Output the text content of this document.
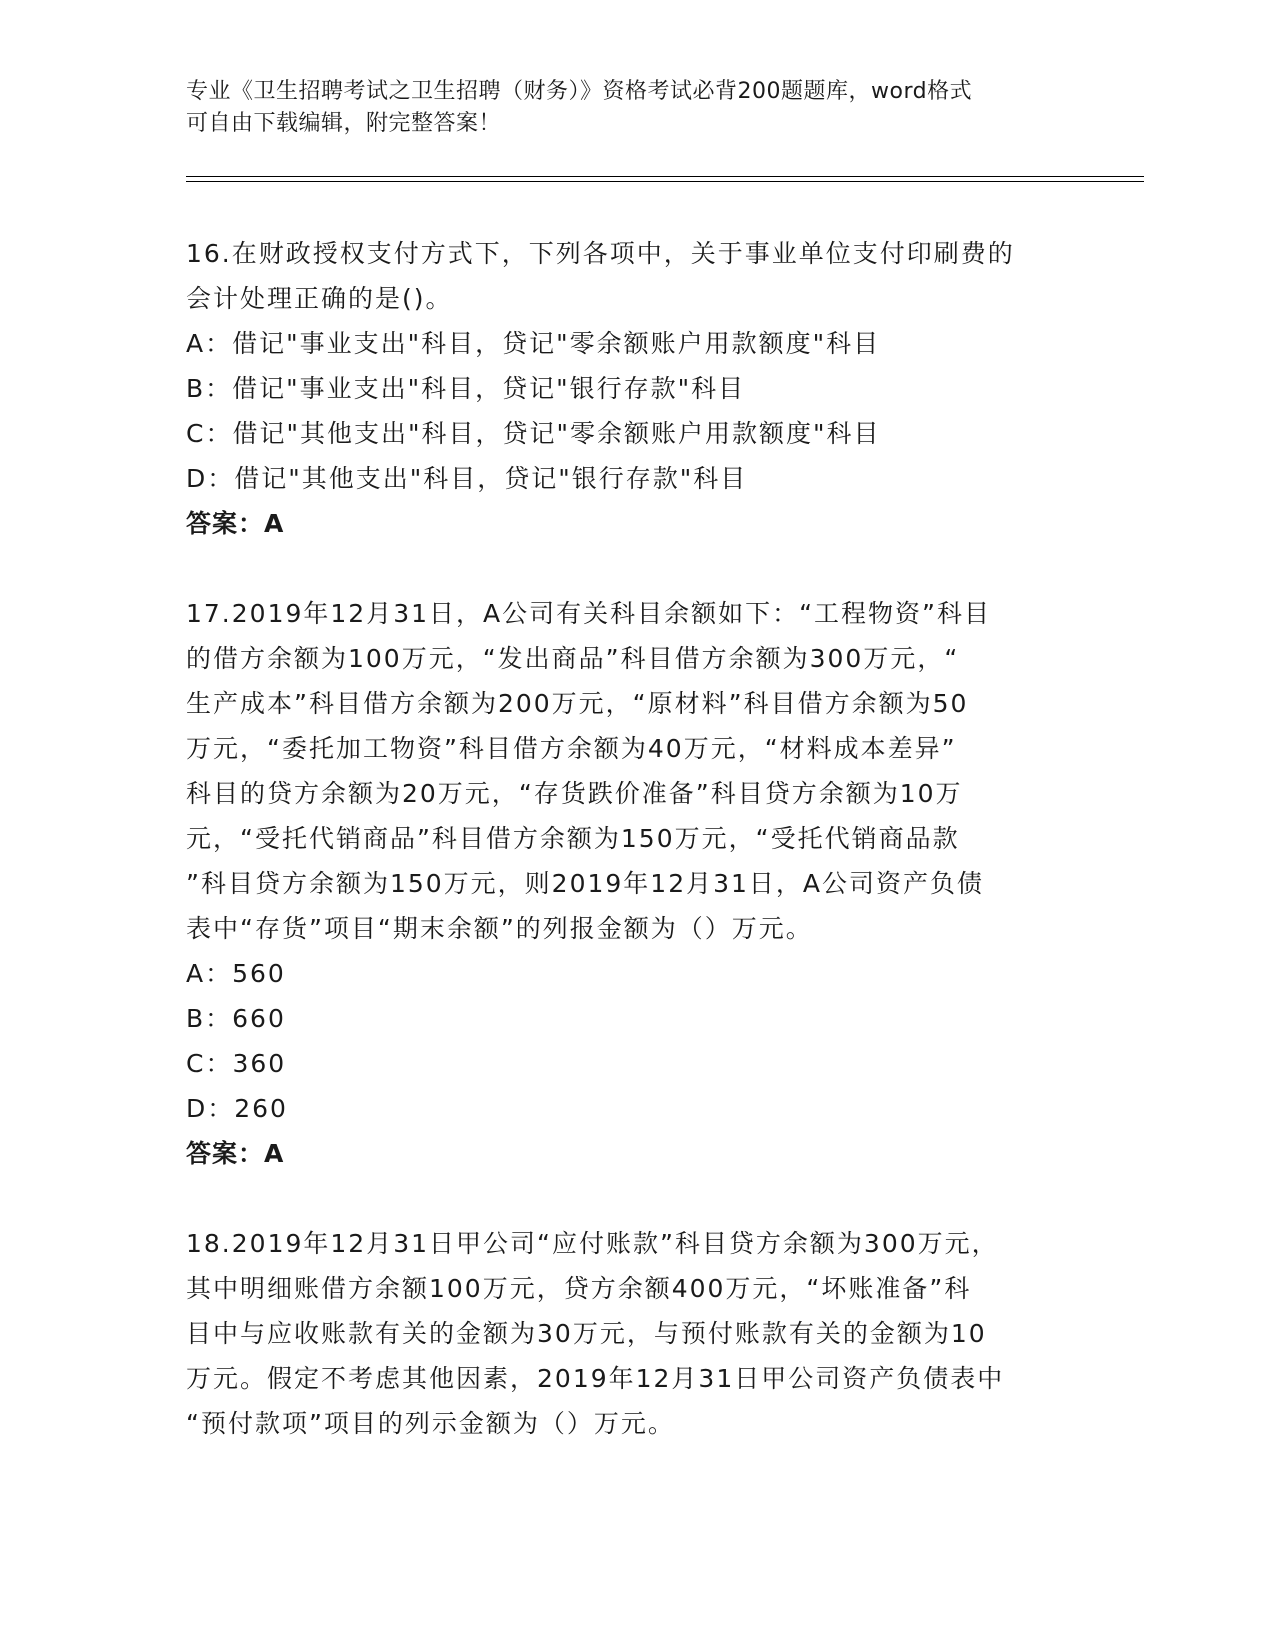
专业《卫生招聘考试之卫生招聘（财务）》资格考试必背200题题库，word格式
可自由下载编辑，附完整答案！
16.在财政授权支付方式下，下列各项中，关于事业单位支付印刷费的
会计处理正确的是()。
A：借记"事业支出"科目，贷记"零余额账户用款额度"科目
B：借记"事业支出"科目，贷记"银行存款"科目
C：借记"其他支出"科目，贷记"零余额账户用款额度"科目
D：借记"其他支出"科目，贷记"银行存款"科目
答案：A
17.2019年12月31日，A公司有关科目余额如下：“工程物资”科目
的借方余额为100万元，“发出商品”科目借方余额为300万元，“
生产成本”科目借方余额为200万元，“原材料”科目借方余额为50
万元，“委托加工物资”科目借方余额为40万元，“材料成本差异”
科目的贷方余额为20万元，“存货跌价准备”科目贷方余额为10万
元，“受托代销商品”科目借方余额为150万元，“受托代销商品款
”科目贷方余额为150万元，则2019年12月31日，A公司资产负债
表中“存货”项目“期末余额”的列报金额为（）万元。
A：560
B：660
C：360
D：260
答案：A
18.2019年12月31日甲公司“应付账款”科目贷方余额为300万元，
其中明细账借方余额100万元，贷方余额400万元，“坏账准备”科
目中与应收账款有关的金额为30万元，与预付账款有关的金额为10
万元。假定不考虑其他因素，2019年12月31日甲公司资产负债表中
“预付款项”项目的列示金额为（）万元。
